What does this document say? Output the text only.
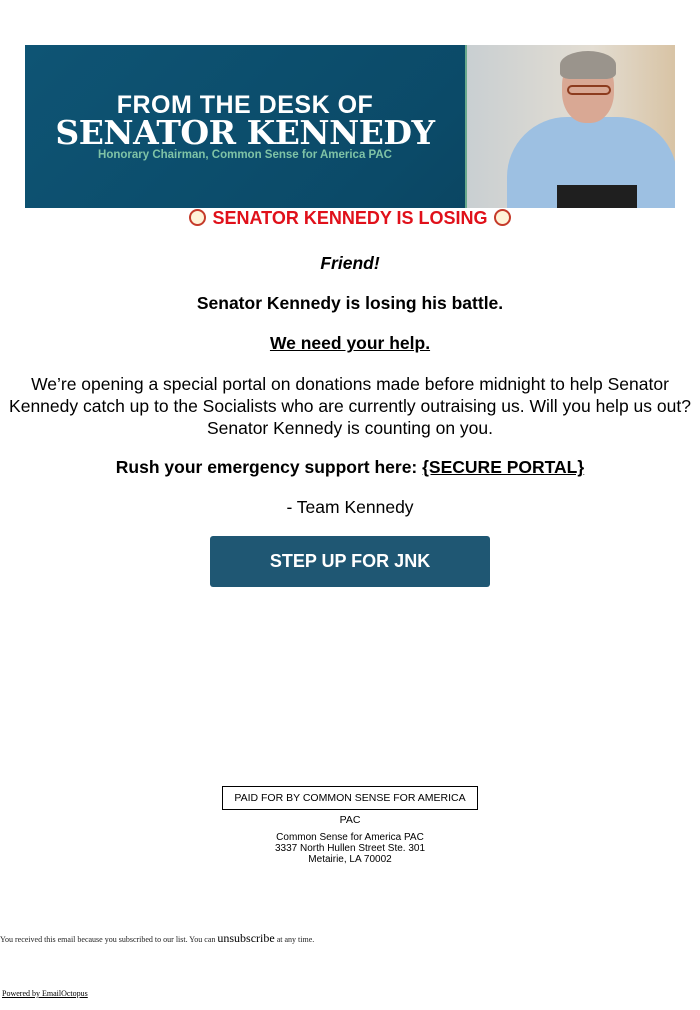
FROM THE DESK OF
SENATOR KENNEDY
Honorary Chairman, Common Sense for America PAC
SENATOR KENNEDY IS LOSING
Friend!
Senator Kennedy is losing his battle.
We need your help.
We’re opening a special portal on donations made before midnight to help Senator Kennedy catch up to the Socialists who are currently outraising us. Will you help us out? Senator Kennedy is counting on you.
Rush your emergency support here: {SECURE PORTAL}
- Team Kennedy
STEP UP FOR JNK
PAID FOR BY COMMON SENSE FOR AMERICA PAC
Common Sense for America PAC
3337 North Hullen Street Ste. 301
Metairie, LA 70002
You received this email because you subscribed to our list. You can unsubscribe at any time.
Powered by EmailOctopus
